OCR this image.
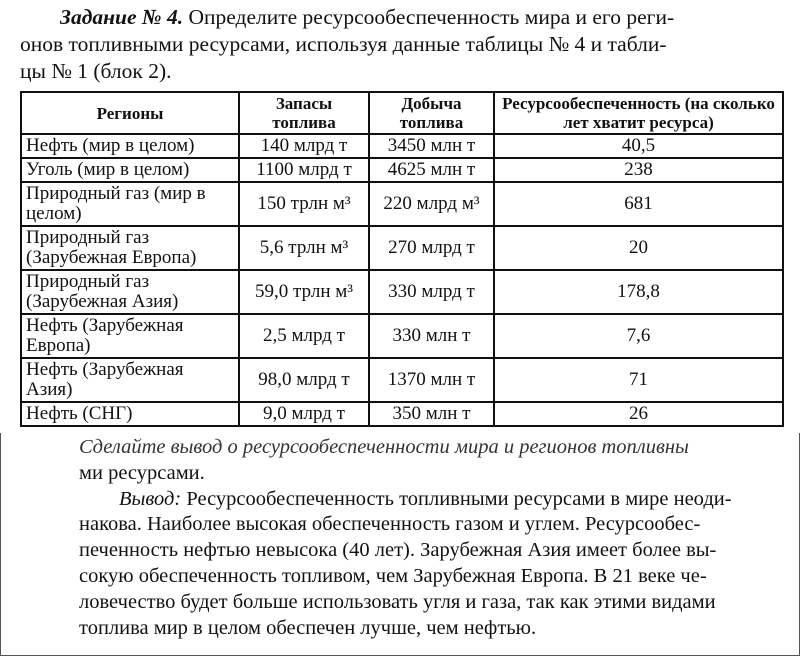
Задание № 4. Определите ресурсообеспеченность мира и его реги-
онов топливными ресурсами, используя данные таблицы № 4 и табли-
цы № 1 (блок 2).
Регионы	Запасы топлива	Добыча топлива	Ресурсообеспеченность (на сколько лет хватит ресурса)
Нефть (мир в целом)	140 млрд т	3450 млн т	40,5
Уголь (мир в целом)	1100 млрд т	4625 млн т	238
Природный газ (мир в целом)	150 трлн м³	220 млрд м³	681
Природный газ (Зарубежная Европа)	5,6 трлн м³	270 млрд т	20
Природный газ (Зарубежная Азия)	59,0 трлн м³	330 млрд т	178,8
Нефть (Зарубежная Европа)	2,5 млрд т	330 млн т	7,6
Нефть (Зарубежная Азия)	98,0 млрд т	1370 млн т	71
Нефть (СНГ)	9,0 млрд т	350 млн т	26
Сделайте вывод о ресурсообеспеченности мира и регионов топливны
ми ресурсами.
Вывод: Ресурсообеспеченность топливными ресурсами в мире неоди-
накова. Наиболее высокая обеспеченность газом и углем. Ресурсообес-
печенность нефтью невысока (40 лет). Зарубежная Азия имеет более вы-
сокую обеспеченность топливом, чем Зарубежная Европа. В 21 веке че-
ловечество будет больше использовать угля и газа, так как этими видами
топлива мир в целом обеспечен лучше, чем нефтью.
